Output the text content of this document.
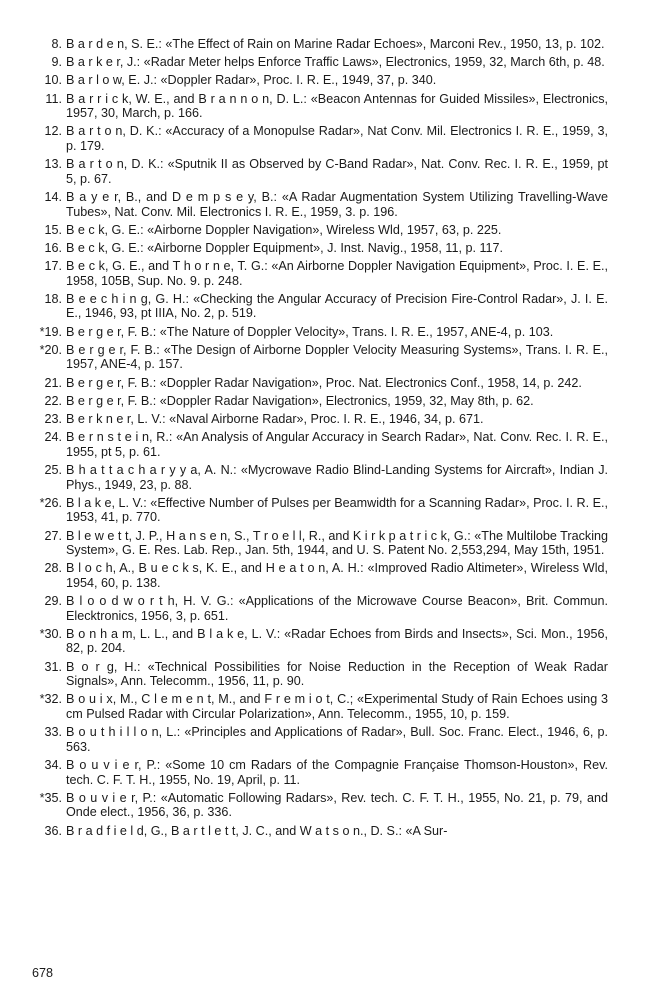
8. B a r d e n, S. E.: «The Effect of Rain on Marine Radar Echoes», Marconi Rev., 1950, 13, p. 102.
9. B a r k e r, J.: «Radar Meter helps Enforce Traffic Laws», Electronics, 1959, 32, March 6th, p. 48.
10. B a r l o w, E. J.: «Doppler Radar», Proc. I. R. E., 1949, 37, p. 340.
11. B a r r i c k, W. E., and B r a n n o n, D. L.: «Beacon Antennas for Guided Missiles», Electronics, 1957, 30, March, p. 166.
12. B a r t o n, D. K.: «Accuracy of a Monopulse Radar», Nat Conv. Mil. Electronics I. R. E., 1959, 3, p. 179.
13. B a r t o n, D. K.: «Sputnik II as Observed by C-Band Radar», Nat. Conv. Rec. I. R. E., 1959, pt 5, p. 67.
14. B a y e r, B., and D e m p s e y, B.: «A Radar Augmentation System Utilizing Travelling-Wave Tubes», Nat. Conv. Mil. Electronics I. R. E., 1959, 3. p. 196.
15. B e c k, G. E.: «Airborne Doppler Navigation», Wireless Wld, 1957, 63, p. 225.
16. B e c k, G. E.: «Airborne Doppler Equipment», J. Inst. Navig., 1958, 11, p. 117.
17. B e c k, G. E., and T h o r n e, T. G.: «An Airborne Doppler Navigation Equipment», Proc. I. E. E., 1958, 105B, Sup. No. 9. p. 248.
18. B e e c h i n g, G. H.: «Checking the Angular Accuracy of Precision Fire-Control Radar», J. I. E. E., 1946, 93, pt IIIA, No. 2, p. 519.
*19. B e r g e r, F. B.: «The Nature of Doppler Velocity», Trans. I. R. E., 1957, ANE-4, p. 103.
*20. B e r g e r, F. B.: «The Design of Airborne Doppler Velocity Measuring Systems», Trans. I. R. E., 1957, ANE-4, p. 157.
21. B e r g e r, F. B.: «Doppler Radar Navigation», Proc. Nat. Electronics Conf., 1958, 14, p. 242.
22. B e r g e r, F. B.: «Doppler Radar Navigation», Electronics, 1959, 32, May 8th, p. 62.
23. B e r k n e r, L. V.: «Naval Airborne Radar», Proc. I. R. E., 1946, 34, p. 671.
24. B e r n s t e i n, R.: «An Analysis of Angular Accuracy in Search Radar», Nat. Conv. Rec. I. R. E., 1955, pt 5, p. 61.
25. B h a t t a c h a r y y a, A. N.: «Mycrowave Radio Blind-Landing Systems for Aircraft», Indian J. Phys., 1949, 23, p. 88.
*26. B l a k e, L. V.: «Effective Number of Pulses per Beamwidth for a Scanning Radar», Proc. I. R. E., 1953, 41, p. 770.
27. B l e w e t t, J. P., H a n s e n, S., T r o e l l, R., and K i r k p a t r i c k, G.: «The Multilobe Tracking System», G. E. Res. Lab. Rep., Jan. 5th, 1944, and U. S. Patent No. 2,553,294, May 15th, 1951.
28. B l o c h, A., B u e c k s, K. E., and H e a t o n, A. H.: «Improved Radio Altimeter», Wireless Wld, 1954, 60, p. 138.
29. B l o o d w o r t h, H. V. G.: «Applications of the Microwave Course Beacon», Brit. Commun. Elecktronics, 1956, 3, p. 651.
*30. B o n h a m, L. L., and B l a k e, L. V.: «Radar Echoes from Birds and Insects», Sci. Mon., 1956, 82, p. 204.
31. B o r g, H.: «Technical Possibilities for Noise Reduction in the Reception of Weak Radar Signals», Ann. Telecomm., 1956, 11, p. 90.
*32. B o u i x, M., C l e m e n t, M., and F r e m i o t, C.; «Experimental Study of Rain Echoes using 3 cm Pulsed Radar with Circular Polarization», Ann. Telecomm., 1955, 10, p. 159.
33. B o u t h i l l o n, L.: «Principles and Applications of Radar», Bull. Soc. Franc. Elect., 1946, 6, p. 563.
34. B o u v i e r, P.: «Some 10 cm Radars of the Compagnie Française Thomson-Houston», Rev. tech. C. F. T. H., 1955, No. 19, April, p. 11.
*35. B o u v i e r, P.: «Automatic Following Radars», Rev. tech. C. F. T. H., 1955, No. 21, p. 79, and Onde elect., 1956, 36, p. 336.
36. B r a d f i e l d, G., B a r t l e t t, J. C., and W a t s o n., D. S.: «A Sur-
678
